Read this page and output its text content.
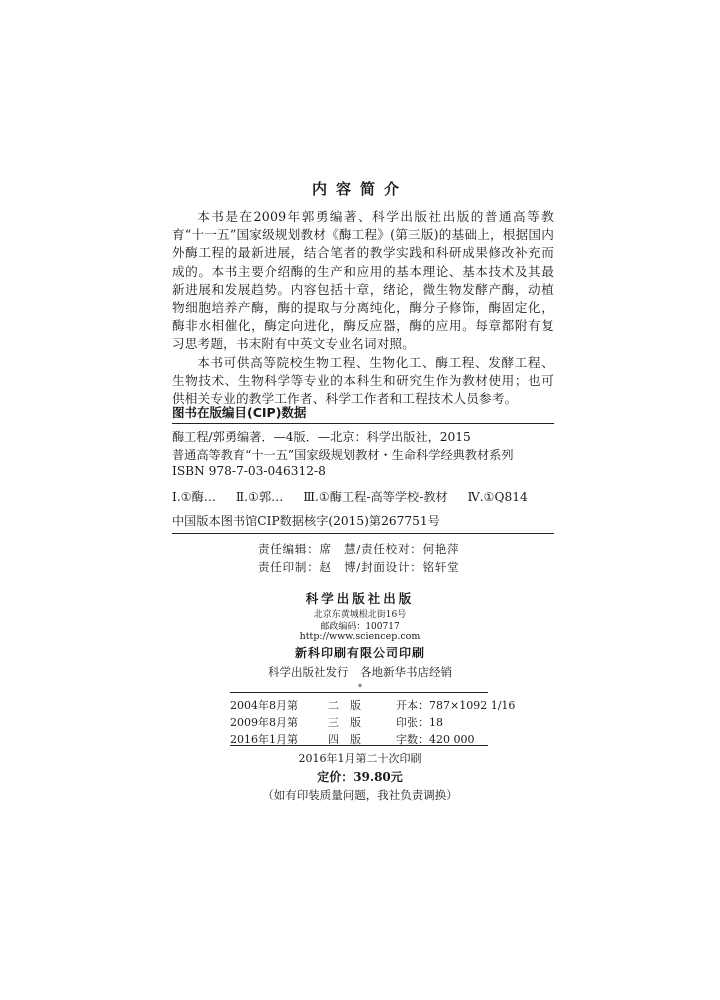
内容简介

本书是在2009年郭勇编著、科学出版社出版的普通高等教育“十一五”国家级规划教材《酶工程》(第三版)的基础上，根据国内外酶工程的最新进展，结合笔者的教学实践和科研成果修改补充而成的。本书主要介绍酶的生产和应用的基本理论、基本技术及其最新进展和发展趋势。内容包括十章，绪论，微生物发酵产酶，动植物细胞培养产酶，酶的提取与分离纯化，酶分子修饰，酶固定化，酶非水相催化，酶定向进化，酶反应器，酶的应用。每章都附有复习思考题，书末附有中英文专业名词对照。

本书可供高等院校生物工程、生物化工、酶工程、发酵工程、生物技术、生物科学等专业的本科生和研究生作为教材使用；也可供相关专业的教学工作者、科学工作者和工程技术人员参考。

图书在版编目(CIP)数据
酶工程/郭勇编著．—4版．—北京：科学出版社，2015
普通高等教育“十一五”国家级规划教材・生命科学经典教材系列
ISBN 978-7-03-046312-8
Ⅰ.①酶… Ⅱ.①郭… Ⅲ.①酶工程-高等学校-教材 Ⅳ.①Q814
中国版本图书馆CIP数据核字(2015)第267751号
责任编辑：席　慧/责任校对：何艳萍
责任印制：赵　博/封面设计：铭轩堂
科学出版社出版
北京东黄城根北街16号
邮政编码：100717
http://www.sciencep.com
新科印刷有限公司印刷
科学出版社发行　各地新华书店经销
*
2004年8月第	二　版	开本：787×1092 1/16
2009年8月第	三　版	印张：18
2016年1月第	四　版	字数：420 000
2016年1月第二十次印刷
定价：39.80元
（如有印装质量问题，我社负责调换）
